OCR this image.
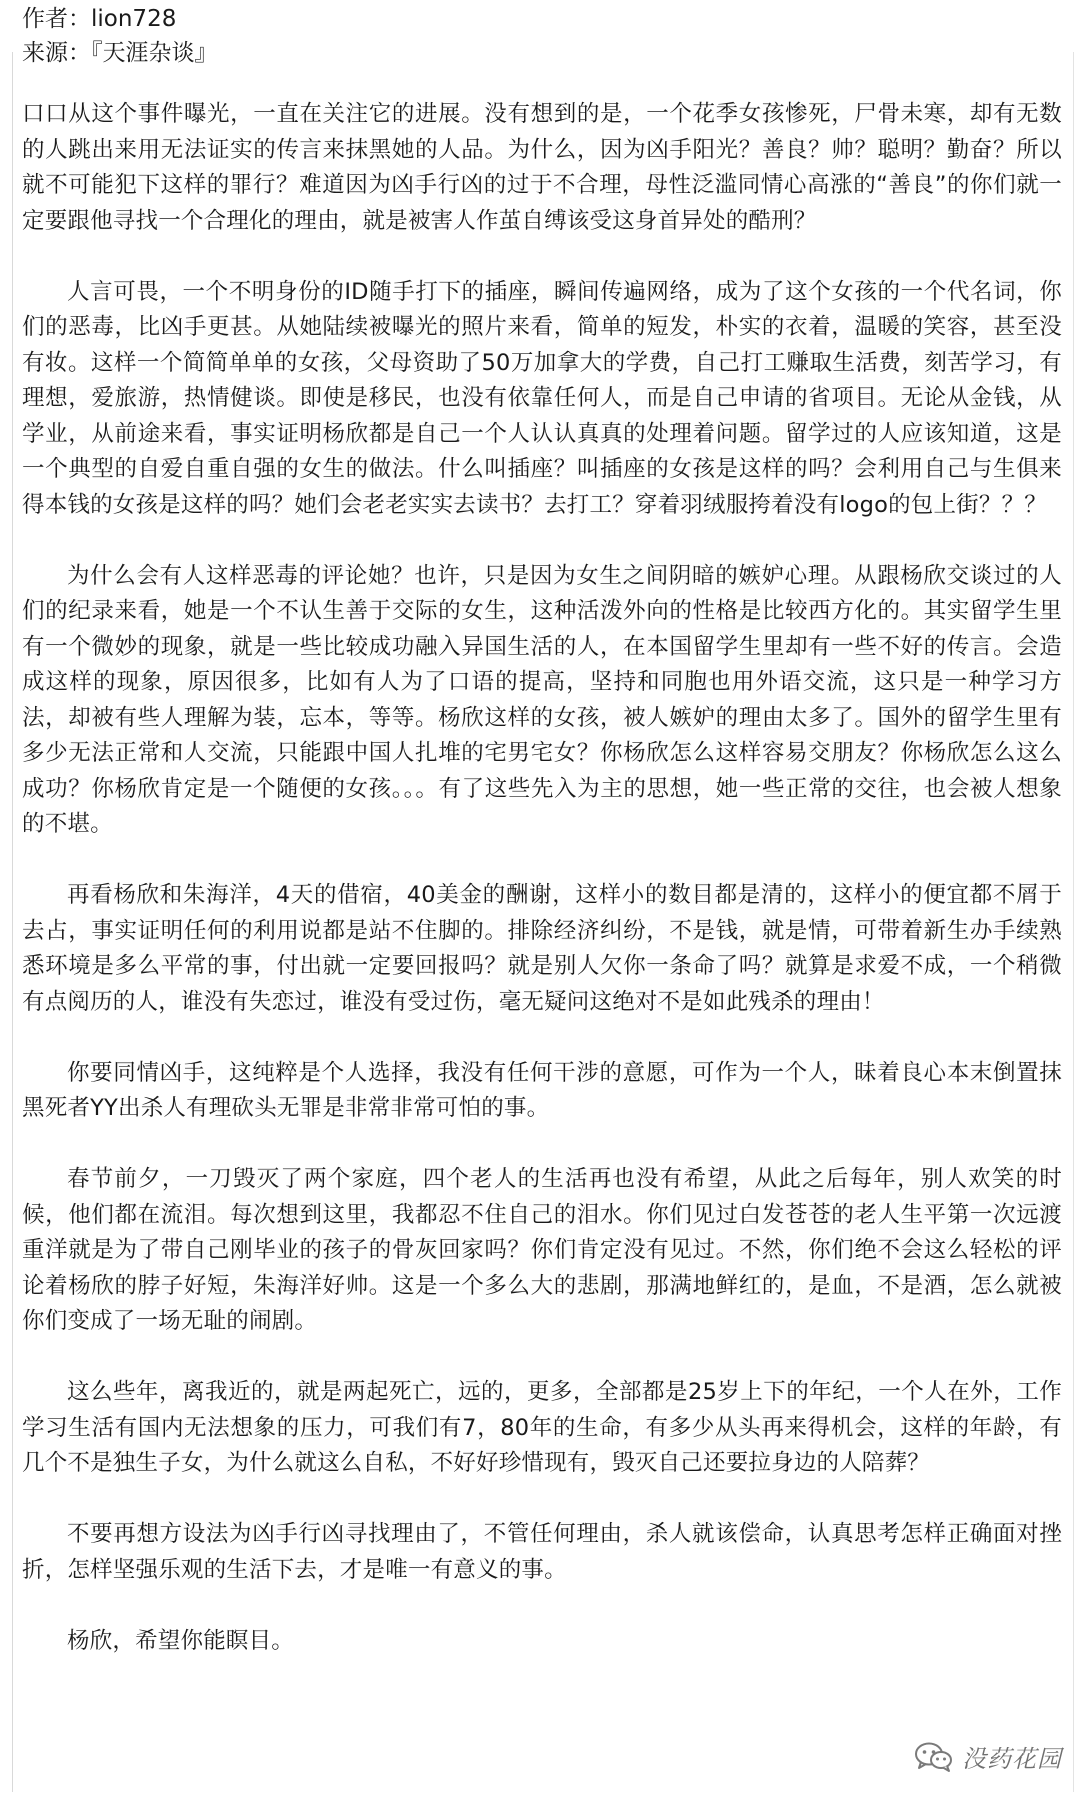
作者：lion728
来源：『天涯杂谈』

口口从这个事件曝光，一直在关注它的进展。没有想到的是，一个花季女孩惨死，尸骨未寒，却有无数的人跳出来用无法证实的传言来抹黑她的人品。为什么，因为凶手阳光？善良？帅？聪明？勤奋？所以就不可能犯下这样的罪行？难道因为凶手行凶的过于不合理，母性泛滥同情心高涨的“善良”的你们就一定要跟他寻找一个合理化的理由，就是被害人作茧自缚该受这身首异处的酷刑？

人言可畏，一个不明身份的ID随手打下的插座，瞬间传遍网络，成为了这个女孩的一个代名词，你们的恶毒，比凶手更甚。从她陆续被曝光的照片来看，简单的短发，朴实的衣着，温暖的笑容，甚至没有妆。这样一个简简单单的女孩，父母资助了50万加拿大的学费，自己打工赚取生活费，刻苦学习，有理想，爱旅游，热情健谈。即使是移民，也没有依靠任何人，而是自己申请的省项目。无论从金钱，从学业，从前途来看，事实证明杨欣都是自己一个人认认真真的处理着问题。留学过的人应该知道，这是一个典型的自爱自重自强的女生的做法。什么叫插座？叫插座的女孩是这样的吗？会利用自己与生俱来得本钱的女孩是这样的吗？她们会老老实实去读书？去打工？穿着羽绒服挎着没有logo的包上街？？？

为什么会有人这样恶毒的评论她？也许，只是因为女生之间阴暗的嫉妒心理。从跟杨欣交谈过的人们的纪录来看，她是一个不认生善于交际的女生，这种活泼外向的性格是比较西方化的。其实留学生里有一个微妙的现象，就是一些比较成功融入异国生活的人，在本国留学生里却有一些不好的传言。会造成这样的现象，原因很多，比如有人为了口语的提高，坚持和同胞也用外语交流，这只是一种学习方法，却被有些人理解为装，忘本，等等。杨欣这样的女孩，被人嫉妒的理由太多了。国外的留学生里有多少无法正常和人交流，只能跟中国人扎堆的宅男宅女？你杨欣怎么这样容易交朋友？你杨欣怎么这么成功？你杨欣肯定是一个随便的女孩。。。有了这些先入为主的思想，她一些正常的交往，也会被人想象的不堪。

再看杨欣和朱海洋，4天的借宿，40美金的酬谢，这样小的数目都是清的，这样小的便宜都不屑于去占，事实证明任何的利用说都是站不住脚的。排除经济纠纷，不是钱，就是情，可带着新生办手续熟悉环境是多么平常的事，付出就一定要回报吗？就是别人欠你一条命了吗？就算是求爱不成，一个稍微有点阅历的人，谁没有失恋过，谁没有受过伤，毫无疑问这绝对不是如此残杀的理由！

你要同情凶手，这纯粹是个人选择，我没有任何干涉的意愿，可作为一个人，昧着良心本末倒置抹黑死者YY出杀人有理砍头无罪是非常非常可怕的事。

春节前夕，一刀毁灭了两个家庭，四个老人的生活再也没有希望，从此之后每年，别人欢笑的时候，他们都在流泪。每次想到这里，我都忍不住自己的泪水。你们见过白发苍苍的老人生平第一次远渡重洋就是为了带自己刚毕业的孩子的骨灰回家吗？你们肯定没有见过。不然，你们绝不会这么轻松的评论着杨欣的脖子好短，朱海洋好帅。这是一个多么大的悲剧，那满地鲜红的，是血，不是酒，怎么就被你们变成了一场无耻的闹剧。

这么些年，离我近的，就是两起死亡，远的，更多，全部都是25岁上下的年纪，一个人在外，工作学习生活有国内无法想象的压力，可我们有7，80年的生命，有多少从头再来得机会，这样的年龄，有几个不是独生子女，为什么就这么自私，不好好珍惜现有，毁灭自己还要拉身边的人陪葬？

不要再想方设法为凶手行凶寻找理由了，不管任何理由，杀人就该偿命，认真思考怎样正确面对挫折，怎样坚强乐观的生活下去，才是唯一有意义的事。

杨欣，希望你能瞑目。

没药花园
